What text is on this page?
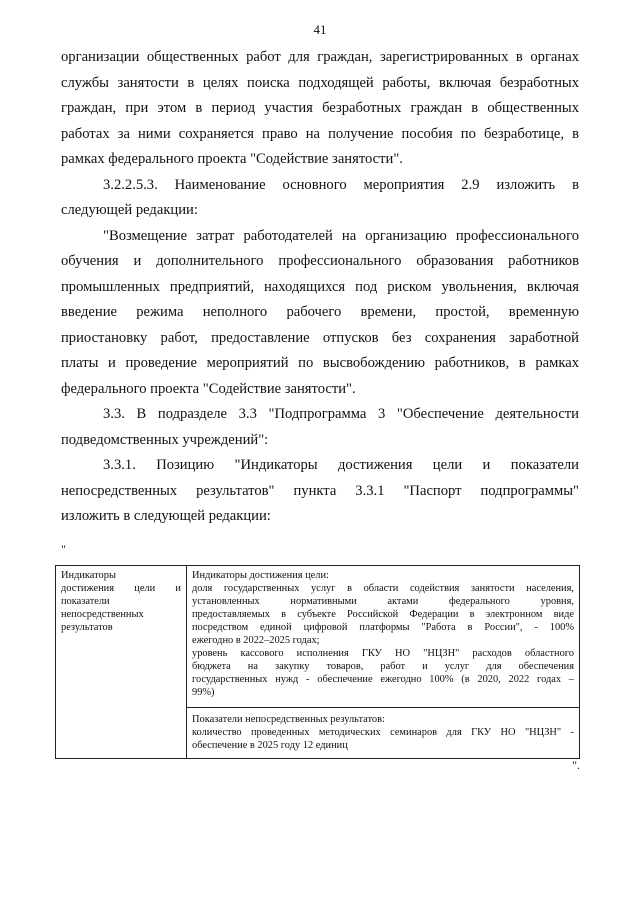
41

организации общественных работ для граждан, зарегистрированных в органах
службы занятости в целях поиска подходящей работы, включая безработных
граждан, при этом в период участия безработных граждан в общественных
работах за ними сохраняется право на получение пособия по безработице, в
рамках федерального проекта "Содействие занятости".

3.2.2.5.3. Наименование основного мероприятия 2.9 изложить в
следующей редакции:

"Возмещение затрат работодателей на организацию профессионального
обучения и дополнительного профессионального образования работников
промышленных предприятий, находящихся под риском увольнения, включая
введение режима неполного рабочего времени, простой, временную
приостановку работ, предоставление отпусков без сохранения заработной
платы и проведение мероприятий по высвобождению работников, в рамках
федерального проекта "Содействие занятости".

3.3. В подразделе 3.3 "Подпрограмма 3 "Обеспечение деятельности
подведомственных учреждений":

3.3.1. Позицию "Индикаторы достижения цели и показатели
непосредственных результатов" пункта 3.3.1 "Паспорт подпрограммы"
изложить в следующей редакции:

"
Индикаторы
достижения цели и
показатели
непосредственных
результатов

Индикаторы достижения цели:
доля государственных услуг в области содействия занятости населения,
установленных нормативными актами федерального уровня,
предоставляемых в субъекте Российской Федерации в электронном виде
посредством единой цифровой платформы "Работа в России", - 100%
ежегодно в 2022–2025 годах;
уровень кассового исполнения ГКУ НО "НЦЗН" расходов областного
бюджета на закупку товаров, работ и услуг для обеспечения
государственных нужд - обеспечение ежегодно 100% (в 2020, 2022 годах –
99%)

Показатели непосредственных результатов:
количество проведенных методических семинаров для ГКУ НО "НЦЗН" -
обеспечение в 2025 году 12 единиц
".
